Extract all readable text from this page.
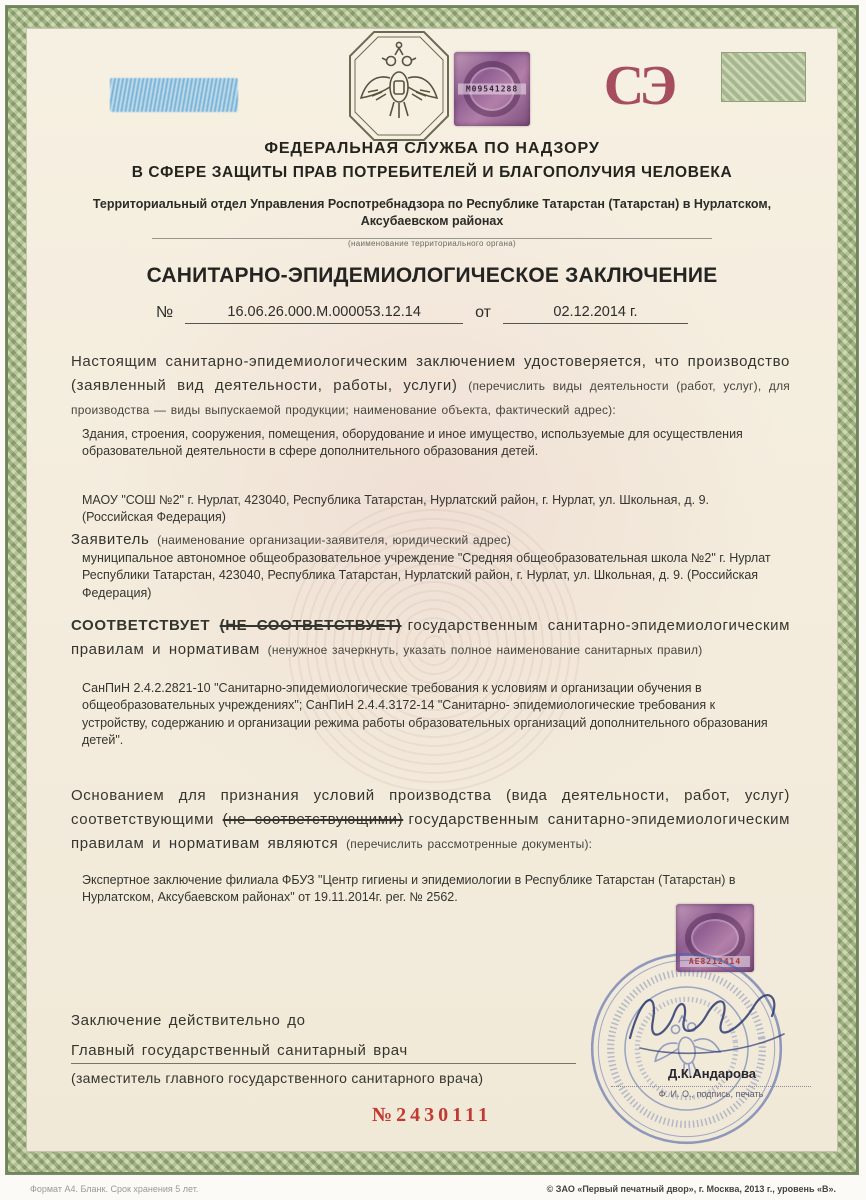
М09541288	СЭ
ФЕДЕРАЛЬНАЯ СЛУЖБА ПО НАДЗОРУ
В СФЕРЕ ЗАЩИТЫ ПРАВ ПОТРЕБИТЕЛЕЙ И БЛАГОПОЛУЧИЯ ЧЕЛОВЕКА
Территориальный отдел Управления Роспотребнадзора по Республике Татарстан (Татарстан) в Нурлатском, Аксубаевском районах
(наименование территориального органа)
САНИТАРНО-ЭПИДЕМИОЛОГИЧЕСКОЕ ЗАКЛЮЧЕНИЕ
№	16.06.26.000.М.000053.12.14	от	02.12.2014 г.

Настоящим санитарно-эпидемиологическим заключением удостоверяется, что производство (заявленный вид деятельности, работы, услуги) (перечислить виды деятельности (работ, услуг), для производства — виды выпускаемой продукции; наименование объекта, фактический адрес):

Здания, строения, сооружения, помещения, оборудование и иное имущество, используемые для осуществления образовательной деятельности в сфере дополнительного образования детей.

МАОУ "СОШ №2" г. Нурлат, 423040, Республика Татарстан, Нурлатский район, г. Нурлат, ул. Школьная, д. 9. (Российская Федерация)

Заявитель (наименование организации-заявителя, юридический адрес)

муниципальное автономное общеобразовательное учреждение "Средняя общеобразовательная школа №2" г. Нурлат Республики Татарстан, 423040, Республика Татарстан, Нурлатский район, г. Нурлат, ул. Школьная, д. 9. (Российская Федерация)

СООТВЕТСТВУЕТ (НЕ СООТВЕТСТВУЕТ) государственным санитарно-эпидемиологическим правилам и нормативам (ненужное зачеркнуть, указать полное наименование санитарных правил)

СанПиН 2.4.2.2821-10 "Санитарно-эпидемиологические требования к условиям и организации обучения в общеобразовательных учреждениях"; СанПиН 2.4.4.3172-14 "Санитарно- эпидемиологические требования к устройству, содержанию и организации режима работы образовательных организаций дополнительного образования детей".

Основанием для признания условий производства (вида деятельности, работ, услуг) соответствующими (не соответствующими) государственным санитарно-эпидемиологическим правилам и нормативам являются (перечислить рассмотренные документы):

Экспертное заключение филиала ФБУЗ "Центр гигиены и эпидемиологии в Республике Татарстан (Татарстан) в Нурлатском, Аксубаевском районах" от 19.11.2014г. рег. № 2562.

АЕ8212414
Д.К.Андарова
Ф. И. О., подпись, печать
Заключение действительно до
Главный государственный санитарный врач
(заместитель главного государственного санитарного врача)
№2430111
Формат А4. Бланк. Срок хранения 5 лет.	© ЗАО «Первый печатный двор», г. Москва, 2013 г., уровень «В».
